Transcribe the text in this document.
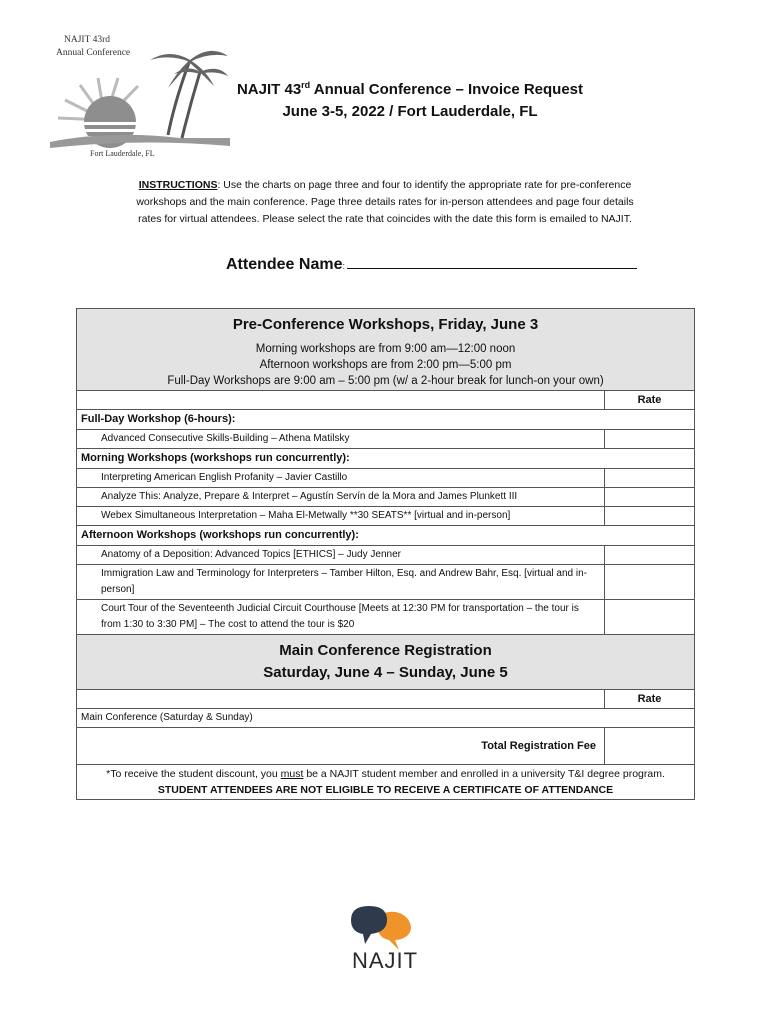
NAJIT 43rd
Annual Conference
Fort Lauderdale, FL
NAJIT 43rd Annual Conference – Invoice Request
June 3-5, 2022 / Fort Lauderdale, FL
INSTRUCTIONS: Use the charts on page three and four to identify the appropriate rate for pre-conference workshops and the main conference. Page three details rates for in-person attendees and page four details rates for virtual attendees. Please select the rate that coincides with the date this form is emailed to NAJIT.
Attendee Name:
Pre-Conference Workshops, Friday, June 3
Morning workshops are from 9:00 am—12:00 noon
Afternoon workshops are from 2:00 pm—5:00 pm
Full-Day Workshops are 9:00 am – 5:00 pm (w/ a 2-hour break for lunch-on your own)
Rate
Full-Day Workshop (6-hours):
Advanced Consecutive Skills-Building – Athena Matilsky
Morning Workshops (workshops run concurrently):
Interpreting American English Profanity – Javier Castillo
Analyze This: Analyze, Prepare & Interpret – Agustín Servín de la Mora and James Plunkett III
Webex Simultaneous Interpretation – Maha El-Metwally **30 SEATS** [virtual and in-person]
Afternoon Workshops (workshops run concurrently):
Anatomy of a Deposition: Advanced Topics [ETHICS] – Judy Jenner
Immigration Law and Terminology for Interpreters – Tamber Hilton, Esq. and Andrew Bahr, Esq. [virtual and in-person]
Court Tour of the Seventeenth Judicial Circuit Courthouse [Meets at 12:30 PM for transportation – the tour is from 1:30 to 3:30 PM] – The cost to attend the tour is $20
Main Conference Registration
Saturday, June 4 – Sunday, June 5
Rate
Main Conference (Saturday & Sunday)
Total Registration Fee
*To receive the student discount, you must be a NAJIT student member and enrolled in a university T&I degree program. STUDENT ATTENDEES ARE NOT ELIGIBLE TO RECEIVE A CERTIFICATE OF ATTENDANCE
NAJIT
